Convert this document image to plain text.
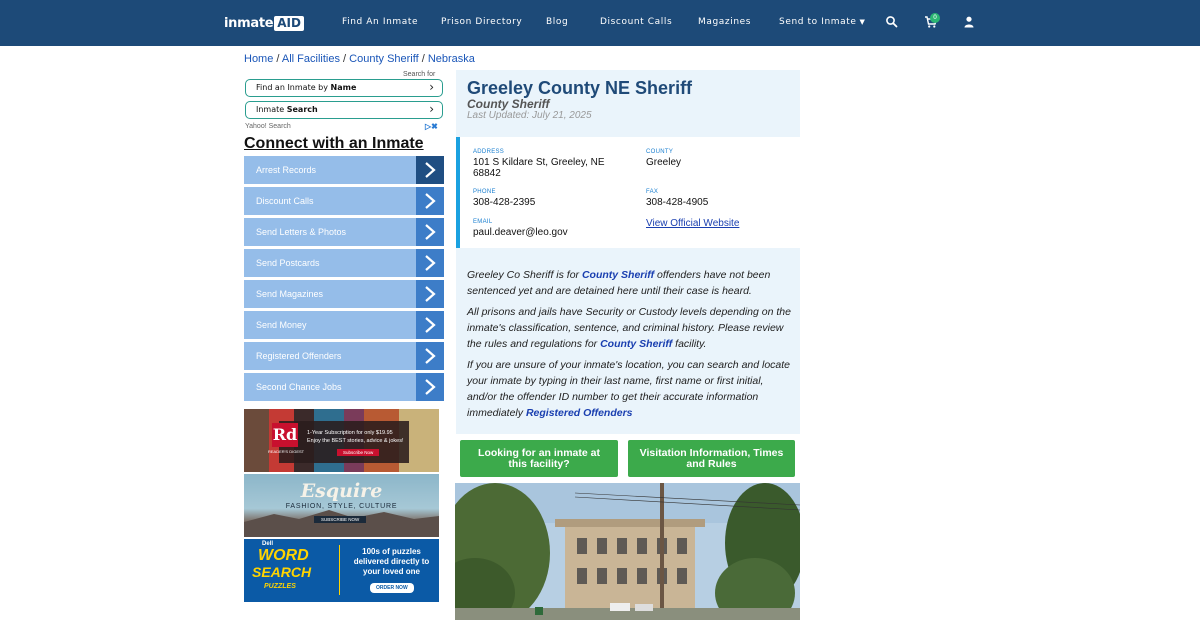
inmate AID	Find An Inmate	Prison Directory	Blog	Discount Calls	Magazines	Send to Inmate ▼
0
Home / All Facilities / County Sheriff / Nebraska
Search for
Find an Inmate by Name	›
Inmate Search	›
Yahoo! Search	▷✖
Connect with an Inmate
Arrest Records
Discount Calls
Send Letters & Photos
Send Postcards
Send Magazines
Send Money
Registered Offenders
Second Chance Jobs
Rd
READER'S DIGEST
1-Year Subscription for only $19.95
Enjoy the BEST stories, advice & jokes!
Subscribe Now
Esquire
FASHION, STYLE, CULTURE
SUBSCRIBE NOW
Dell
WORD
SEARCH
PUZZLES
100s of puzzles
delivered directly to
your loved one
ORDER NOW
Greeley County NE Sheriff
County Sheriff
Last Updated: July 21, 2025
ADDRESS
101 S Kildare St, Greeley, NE
68842
COUNTY
Greeley
PHONE
308-428-2395
FAX
308-428-4905
EMAIL
paul.deaver@leo.gov
View Official Website

Greeley Co Sheriff is for County Sheriff offenders have not been sentenced yet and are detained here until their case is heard.

All prisons and jails have Security or Custody levels depending on the inmate's classification, sentence, and criminal history. Please review the rules and regulations for County Sheriff facility.

If you are unsure of your inmate's location, you can search and locate your inmate by typing in their last name, first name or first initial, and/or the offender ID number to get their accurate information immediately Registered Offenders

Looking for an inmate at this facility?
Visitation Information, Times and Rules
